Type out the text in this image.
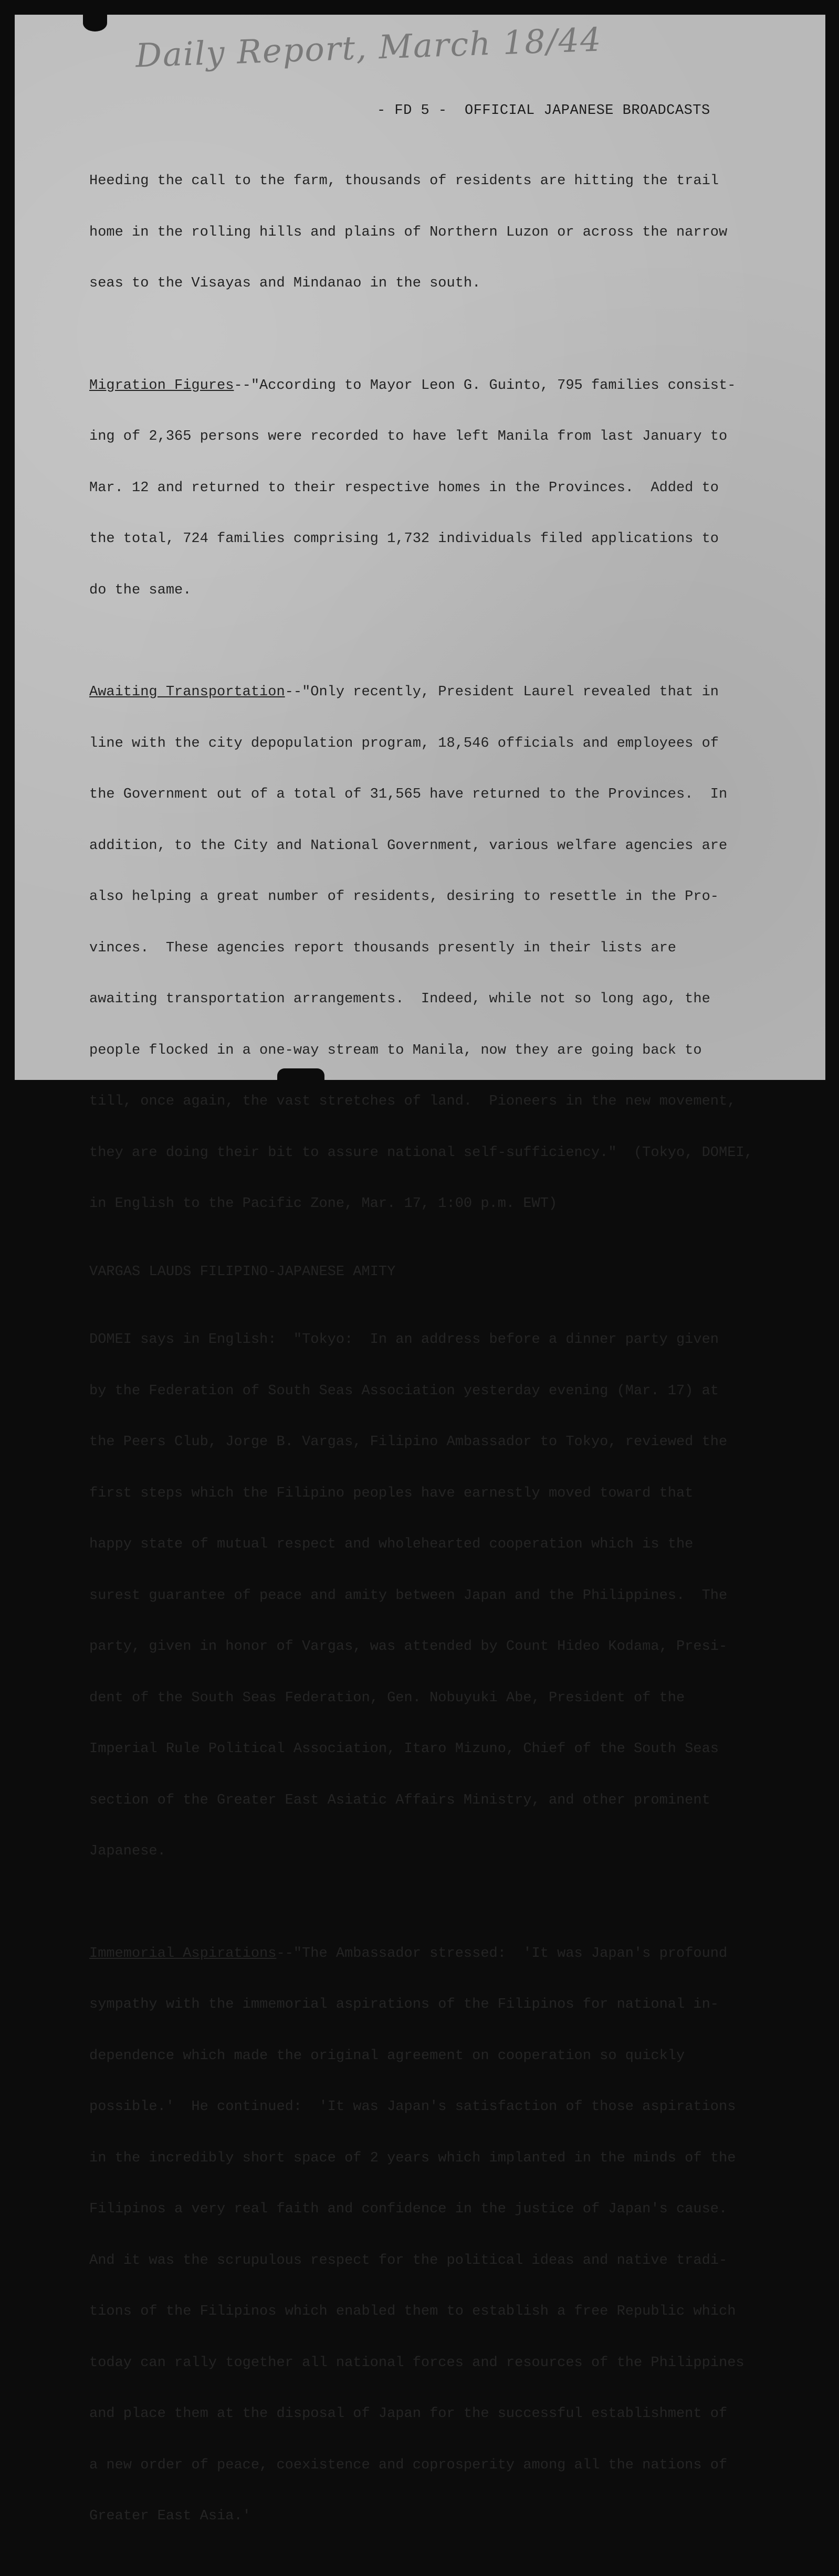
Daily Report, March 18/44
- FD 5 -  OFFICIAL JAPANESE BROADCASTS

Heeding the call to the farm, thousands of residents are hitting the trail

home in the rolling hills and plains of Northern Luzon or across the narrow

seas to the Visayas and Mindanao in the south.

Migration Figures--"According to Mayor Leon G. Guinto, 795 families consist-

ing of 2,365 persons were recorded to have left Manila from last January to

Mar. 12 and returned to their respective homes in the Provinces.  Added to

the total, 724 families comprising 1,732 individuals filed applications to

do the same.

Awaiting Transportation--"Only recently, President Laurel revealed that in

line with the city depopulation program, 18,546 officials and employees of

the Government out of a total of 31,565 have returned to the Provinces.  In

addition, to the City and National Government, various welfare agencies are

also helping a great number of residents, desiring to resettle in the Pro-

vinces.  These agencies report thousands presently in their lists are

awaiting transportation arrangements.  Indeed, while not so long ago, the

people flocked in a one-way stream to Manila, now they are going back to

till, once again, the vast stretches of land.  Pioneers in the new movement,

they are doing their bit to assure national self-sufficiency."  (Tokyo, DOMEI,

in English to the Pacific Zone, Mar. 17, 1:00 p.m. EWT)

VARGAS LAUDS FILIPINO-JAPANESE AMITY

DOMEI says in English:  "Tokyo:  In an address before a dinner party given

by the Federation of South Seas Association yesterday evening (Mar. 17) at

the Peers Club, Jorge B. Vargas, Filipino Ambassador to Tokyo, reviewed the

first steps which the Filipino peoples have earnestly moved toward that

happy state of mutual respect and wholehearted cooperation which is the

surest guarantee of peace and amity between Japan and the Philippines.  The

party, given in honor of Vargas, was attended by Count Hideo Kodama, Presi-

dent of the South Seas Federation, Gen. Nobuyuki Abe, President of the

Imperial Rule Political Association, Itaro Mizuno, Chief of the South Seas

section of the Greater East Asiatic Affairs Ministry, and other prominent

Japanese.

Immemorial Aspirations--"The Ambassador stressed:  'It was Japan's profound

sympathy with the immemorial aspirations of the Filipinos for national in-

dependence which made the original agreement on cooperation so quickly

possible.'  He continued:  'It was Japan's satisfaction of those aspirations

in the incredibly short space of 2 years which implanted in the minds of the

Filipinos a very real faith and confidence in the justice of Japan's cause.

And it was the scrupulous respect for the political ideas and native tradi-

tions of the Filipinos which enabled them to establish a free Republic which

today can rally together all national forces and resources of the Philippines

and place them at the disposal of Japan for the successful establishment of

a new order of peace, coexistence and coprosperity among all the nations of

Greater East Asia.'
